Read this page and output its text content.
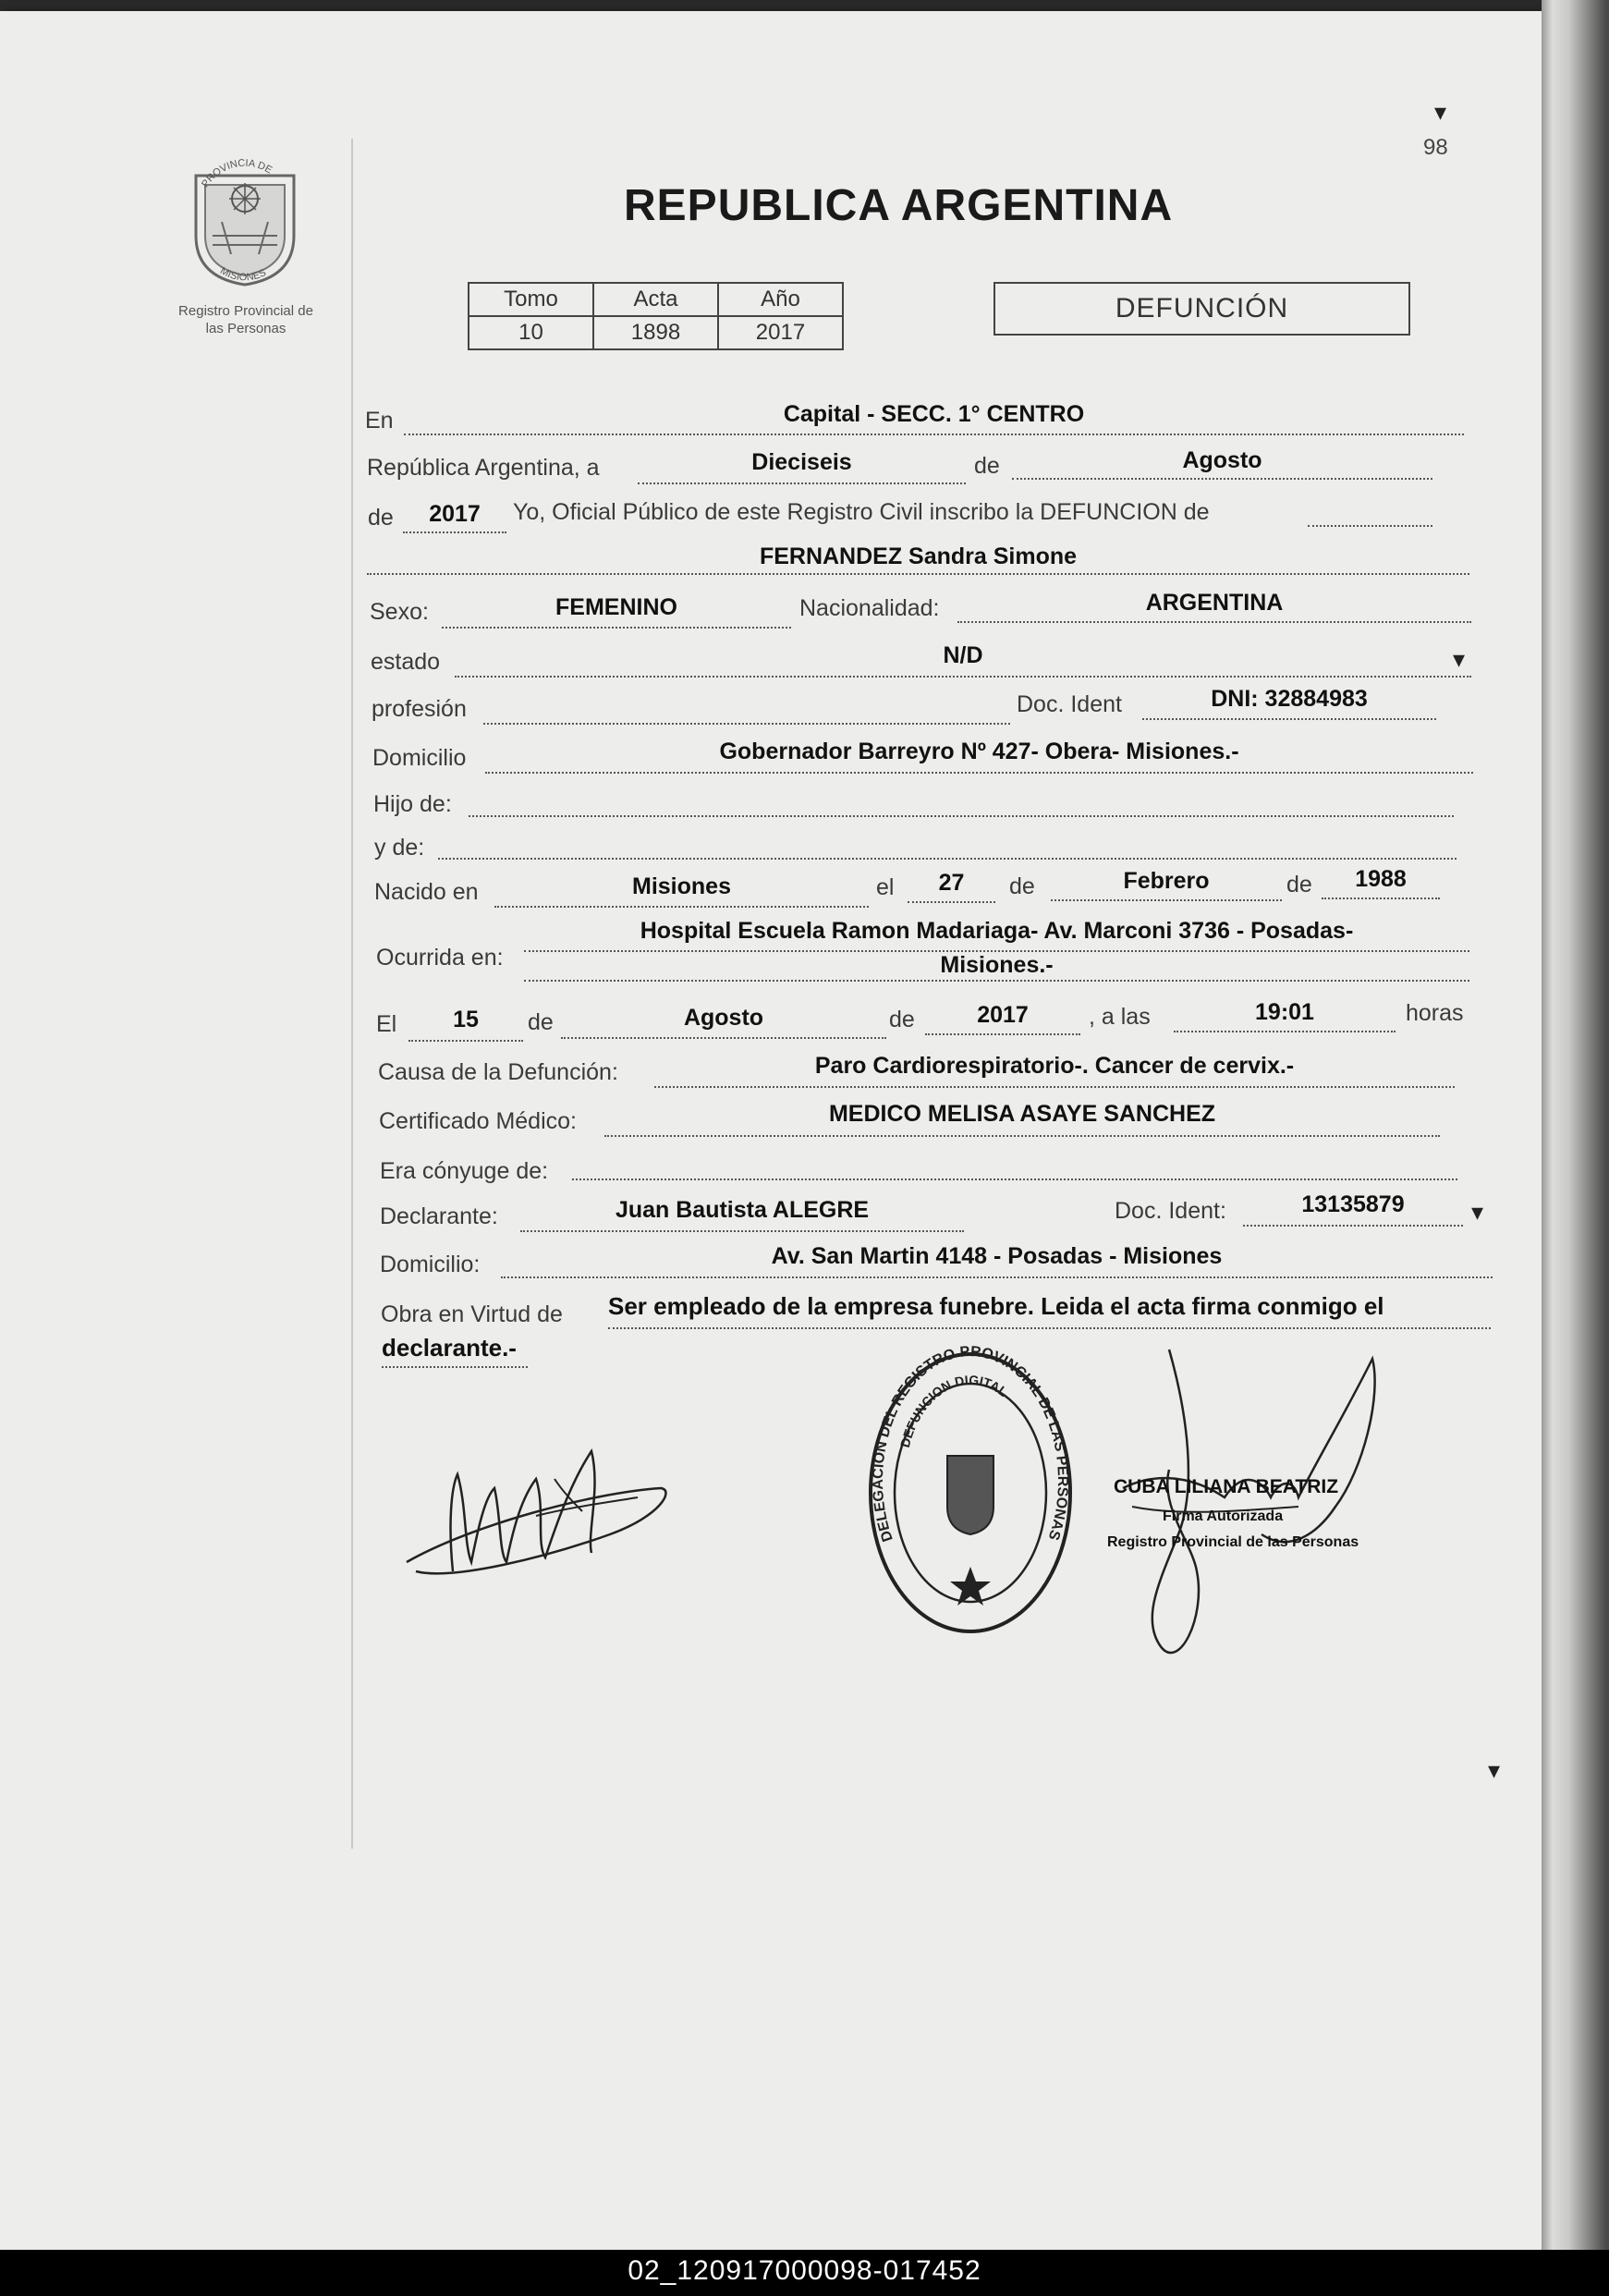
98
▾
PROVINCIA DE
MISIONES
Registro Provincial de
las Personas
REPUBLICA ARGENTINA
Tomo	Acta	Año
10	1898	2017
DEFUNCIÓN
En	Capital - SECC. 1° CENTRO
República Argentina, a	Dieciseis	de	Agosto
de	2017	Yo, Oficial Público de este Registro Civil inscribo la DEFUNCION de
FERNANDEZ Sandra Simone
Sexo:	FEMENINO	Nacionalidad:	ARGENTINA
estado	N/D	▾
profesión	Doc. Ident	DNI: 32884983
Domicilio	Gobernador Barreyro Nº 427- Obera- Misiones.-
Hijo de:
y de:
Nacido en	Misiones	el	27	de	Febrero	de	1988
Ocurrida en:
Hospital Escuela Ramon Madariaga- Av. Marconi 3736 - Posadas-
Misiones.-
El	15	de	Agosto	de	2017	, a las	19:01	horas
Causa de la Defunción:	Paro Cardiorespiratorio-. Cancer de cervix.-
Certificado Médico:	MEDICO MELISA ASAYE SANCHEZ
Era cónyuge de:
Declarante:	Juan Bautista ALEGRE	Doc. Ident:	13135879	▾
Domicilio:	Av. San Martin 4148 - Posadas - Misiones
Obra en Virtud de Ser empleado de la empresa funebre. Leida el acta firma conmigo el
declarante.-
DELEGACION DEL REGISTRO PROVINCIAL DE LAS PERSONAS
DEFUNCION DIGITAL
CUBA LILIANA BEATRIZ
Firma Autorizada
Registro Provincial de las Personas
▾
02_120917000098-017452
